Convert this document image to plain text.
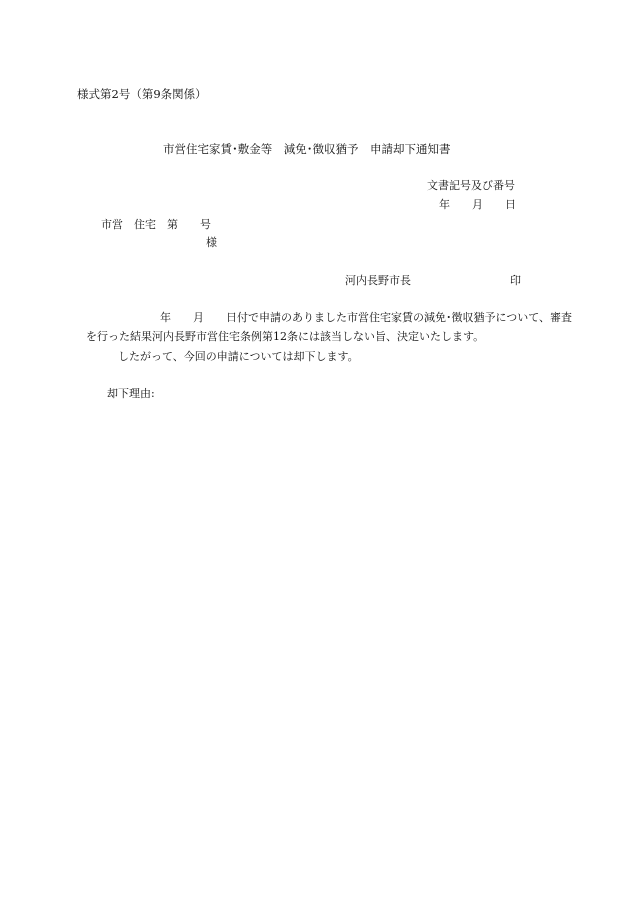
様式第2号（第9条関係）
市営住宅家賃･敷金等　減免･徴収猶予　申請却下通知書
文書記号及び番号
年　　月　　日
市営　住宅　第　　号
様
河内長野市長	印
年　　月　　日付で申請のありました市営住宅家賃の減免･徴収猶予について、審査
を行った結果河内長野市営住宅条例第12条には該当しない旨、決定いたします。
したがって、今回の申請については却下します。
却下理由:
